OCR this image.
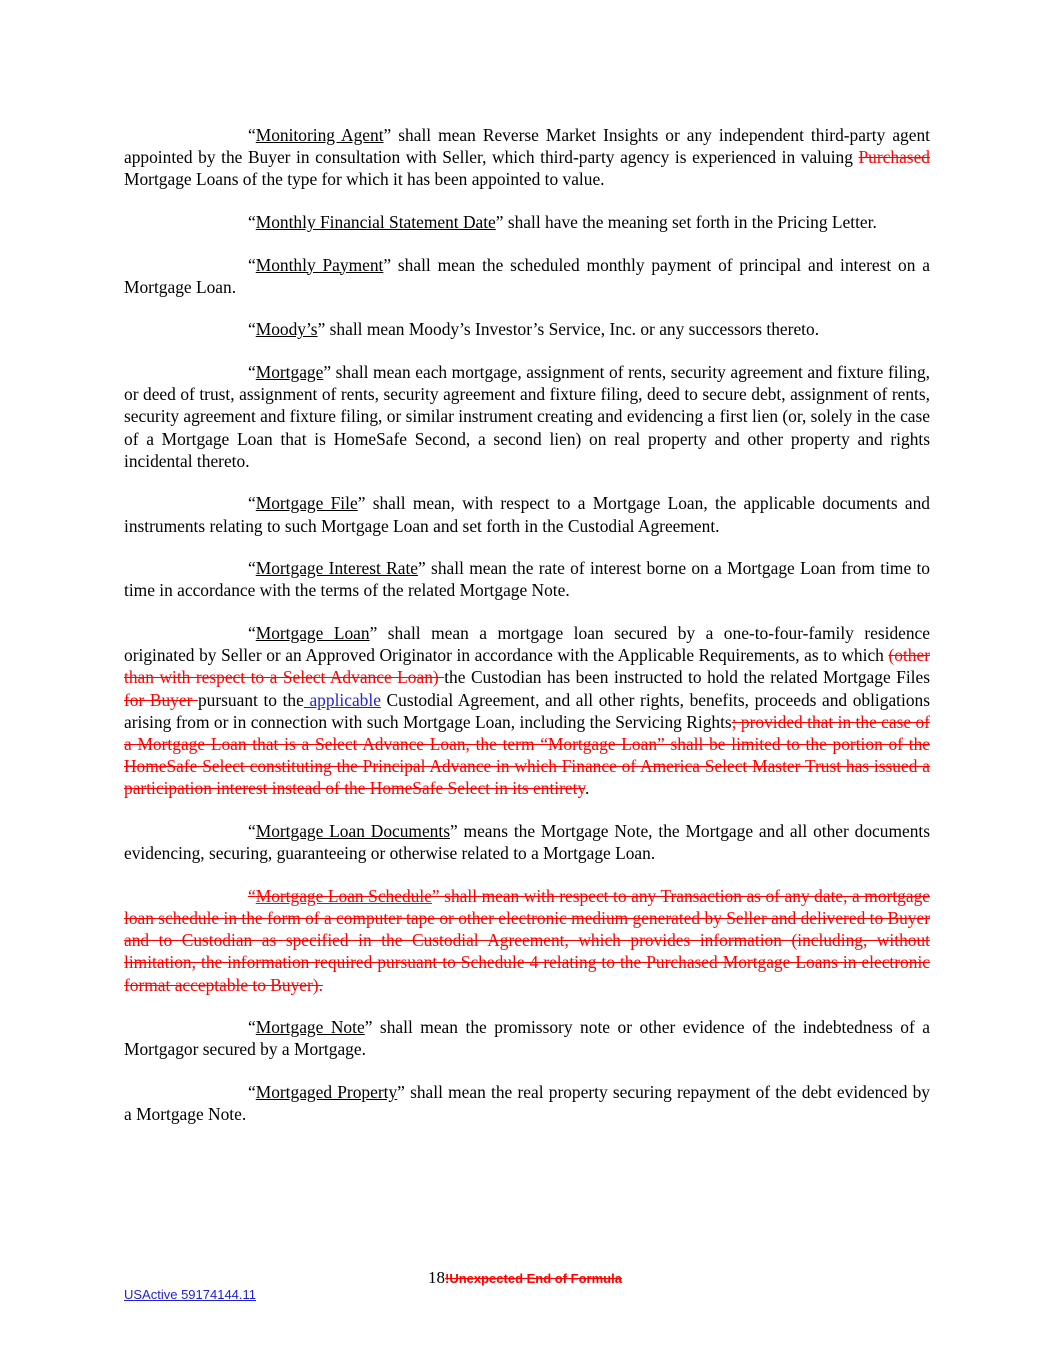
“Monitoring Agent” shall mean Reverse Market Insights or any independent third-party agent appointed by the Buyer in consultation with Seller, which third-party agency is experienced in valuing Purchased Mortgage Loans of the type for which it has been appointed to value.

“Monthly Financial Statement Date” shall have the meaning set forth in the Pricing Letter.

“Monthly Payment” shall mean the scheduled monthly payment of principal and interest on a Mortgage Loan.

“Moody’s” shall mean Moody’s Investor’s Service, Inc. or any successors thereto.

“Mortgage” shall mean each mortgage, assignment of rents, security agreement and fixture filing, or deed of trust, assignment of rents, security agreement and fixture filing, deed to secure debt, assignment of rents, security agreement and fixture filing, or similar instrument creating and evidencing a first lien (or, solely in the case of a Mortgage Loan that is HomeSafe Second, a second lien) on real property and other property and rights incidental thereto.

“Mortgage File” shall mean, with respect to a Mortgage Loan, the applicable documents and instruments relating to such Mortgage Loan and set forth in the Custodial Agreement.

“Mortgage Interest Rate” shall mean the rate of interest borne on a Mortgage Loan from time to time in accordance with the terms of the related Mortgage Note.

“Mortgage Loan” shall mean a mortgage loan secured by a one-to-four-family residence originated by Seller or an Approved Originator in accordance with the Applicable Requirements, as to which (other than with respect to a Select Advance Loan) the Custodian has been instructed to hold the related Mortgage Files for Buyer pursuant to the applicable Custodial Agreement, and all other rights, benefits, proceeds and obligations arising from or in connection with such Mortgage Loan, including the Servicing Rights; provided that in the case of a Mortgage Loan that is a Select Advance Loan, the term “Mortgage Loan” shall be limited to the portion of the HomeSafe Select constituting the Principal Advance in which Finance of America Select Master Trust has issued a participation interest instead of the HomeSafe Select in its entirety.

“Mortgage Loan Documents” means the Mortgage Note, the Mortgage and all other documents evidencing, securing, guaranteeing or otherwise related to a Mortgage Loan.

“Mortgage Loan Schedule” shall mean with respect to any Transaction as of any date, a mortgage loan schedule in the form of a computer tape or other electronic medium generated by Seller and delivered to Buyer and to Custodian as specified in the Custodial Agreement, which provides information (including, without limitation, the information required pursuant to Schedule 4 relating to the Purchased Mortgage Loans in electronic format acceptable to Buyer).

“Mortgage Note” shall mean the promissory note or other evidence of the indebtedness of a Mortgagor secured by a Mortgage.

“Mortgaged Property” shall mean the real property securing repayment of the debt evidenced by a Mortgage Note.

18!Unexpected End of Formula
USActive 59174144.11
